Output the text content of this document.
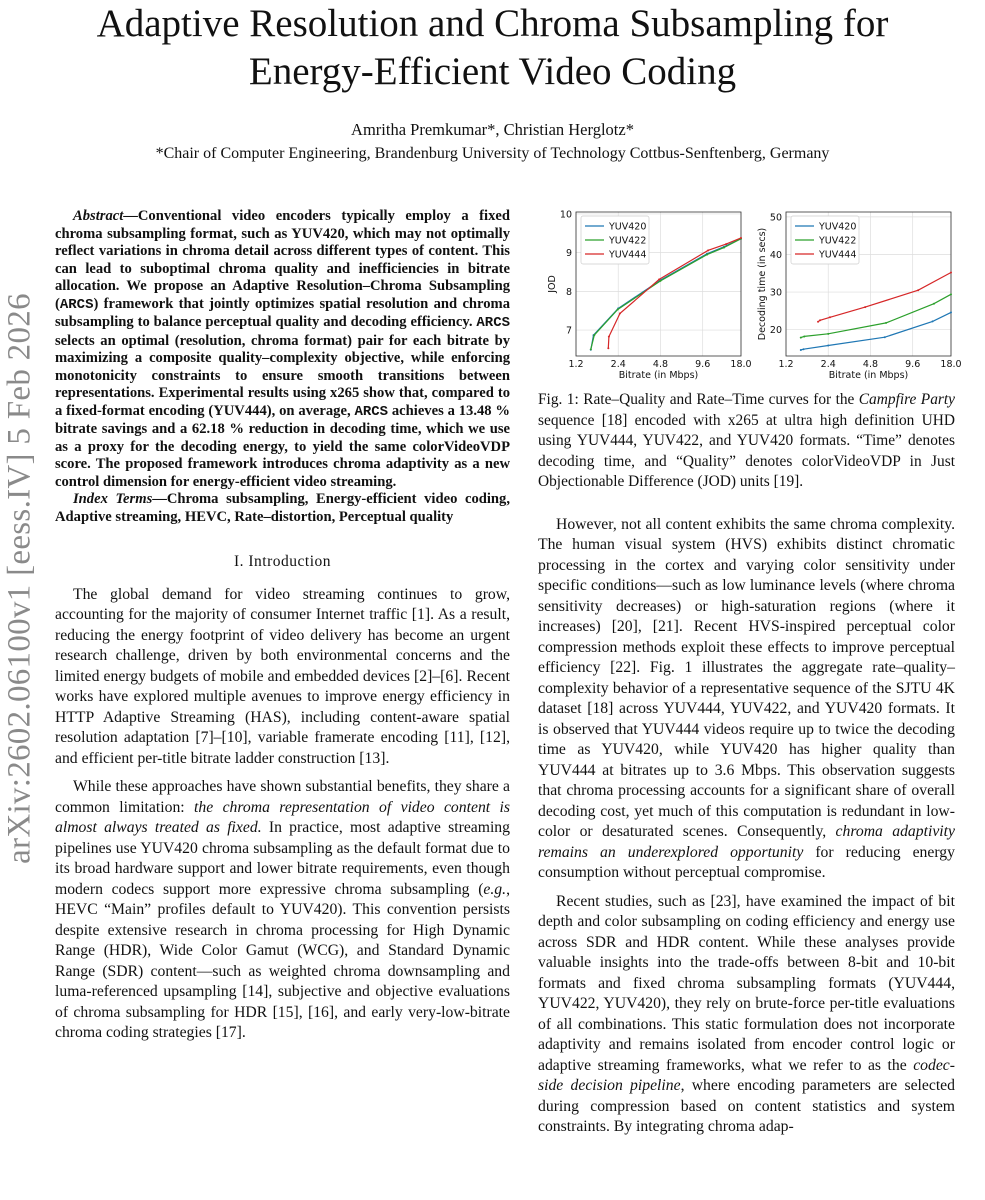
Adaptive Resolution and Chroma Subsampling for
Energy-Efficient Video Coding
Amritha Premkumar*, Christian Herglotz*
*Chair of Computer Engineering, Brandenburg University of Technology Cottbus-Senftenberg, Germany
arXiv:2602.06100v1 [eess.IV] 5 Feb 2026

Abstract—Conventional video encoders typically employ a fixed chroma subsampling format, such as YUV420, which may not optimally reflect variations in chroma detail across different types of content. This can lead to suboptimal chroma quality and inefficiencies in bitrate allocation. We propose an Adaptive Resolution–Chroma Subsampling (ARCS) framework that jointly optimizes spatial resolution and chroma subsampling to balance perceptual quality and decoding efficiency. ARCS selects an optimal (resolution, chroma format) pair for each bitrate by maximizing a composite quality–complexity objective, while enforcing monotonicity constraints to ensure smooth transitions between representations. Experimental results using x265 show that, compared to a fixed-format encoding (YUV444), on average, ARCS achieves a 13.48 % bitrate savings and a 62.18 % reduction in decoding time, which we use as a proxy for the decoding energy, to yield the same colorVideoVDP score. The proposed framework introduces chroma adaptivity as a new control dimension for energy-efficient video streaming.

Index Terms—Chroma subsampling, Energy-efficient video coding, Adaptive streaming, HEVC, Rate–distortion, Perceptual quality

I. Introduction

The global demand for video streaming continues to grow, accounting for the majority of consumer Internet traffic [1]. As a result, reducing the energy footprint of video delivery has become an urgent research challenge, driven by both environmental concerns and the limited energy budgets of mobile and embedded devices [2]–[6]. Recent works have explored multiple avenues to improve energy efficiency in HTTP Adaptive Streaming (HAS), including content-aware spatial resolution adaptation [7]–[10], variable framerate encoding [11], [12], and efficient per-title bitrate ladder construction [13].

While these approaches have shown substantial benefits, they share a common limitation: the chroma representation of video content is almost always treated as fixed. In practice, most adaptive streaming pipelines use YUV420 chroma subsampling as the default format due to its broad hardware support and lower bitrate requirements, even though modern codecs support more expressive chroma subsampling (e.g., HEVC “Main” profiles default to YUV420). This convention persists despite extensive research in chroma processing for High Dynamic Range (HDR), Wide Color Gamut (WCG), and Standard Dynamic Range (SDR) content—such as weighted chroma downsampling and luma-referenced upsampling [14], subjective and objective evaluations of chroma subsampling for HDR [15], [16], and early very-low-bitrate chroma coding strategies [17].

1.2	2.4	4.8	9.6 18.0
7
8
9
10
Bitrate (in Mbps)
JOD
YUV420
YUV422
YUV444
1.2	2.4	4.8	9.6 18.0
20
30
40
50
Bitrate (in Mbps)
Decoding time (in secs)
YUV420
YUV422
YUV444

Fig. 1: Rate–Quality and Rate–Time curves for the Campfire Party sequence [18] encoded with x265 at ultra high definition UHD using YUV444, YUV422, and YUV420 formats. “Time” denotes decoding time, and “Quality” denotes colorVideoVDP in Just Objectionable Difference (JOD) units [19].

However, not all content exhibits the same chroma complexity. The human visual system (HVS) exhibits distinct chromatic processing in the cortex and varying color sensitivity under specific conditions—such as low luminance levels (where chroma sensitivity decreases) or high-saturation regions (where it increases) [20], [21]. Recent HVS-inspired perceptual color compression methods exploit these effects to improve perceptual efficiency [22]. Fig. 1 illustrates the aggregate rate–quality–complexity behavior of a representative sequence of the SJTU 4K dataset [18] across YUV444, YUV422, and YUV420 formats. It is observed that YUV444 videos require up to twice the decoding time as YUV420, while YUV420 has higher quality than YUV444 at bitrates up to 3.6 Mbps. This observation suggests that chroma processing accounts for a significant share of overall decoding cost, yet much of this computation is redundant in low-color or desaturated scenes. Consequently, chroma adaptivity remains an underexplored opportunity for reducing energy consumption without perceptual compromise.

Recent studies, such as [23], have examined the impact of bit depth and color subsampling on coding efficiency and energy use across SDR and HDR content. While these analyses provide valuable insights into the trade-offs between 8-bit and 10-bit formats and fixed chroma subsampling formats (YUV444, YUV422, YUV420), they rely on brute-force per-title evaluations of all combinations. This static formulation does not incorporate adaptivity and remains isolated from encoder control logic or adaptive streaming frameworks, what we refer to as the codec-side decision pipeline, where encoding parameters are selected during compression based on content statistics and system constraints. By integrating chroma adap-
